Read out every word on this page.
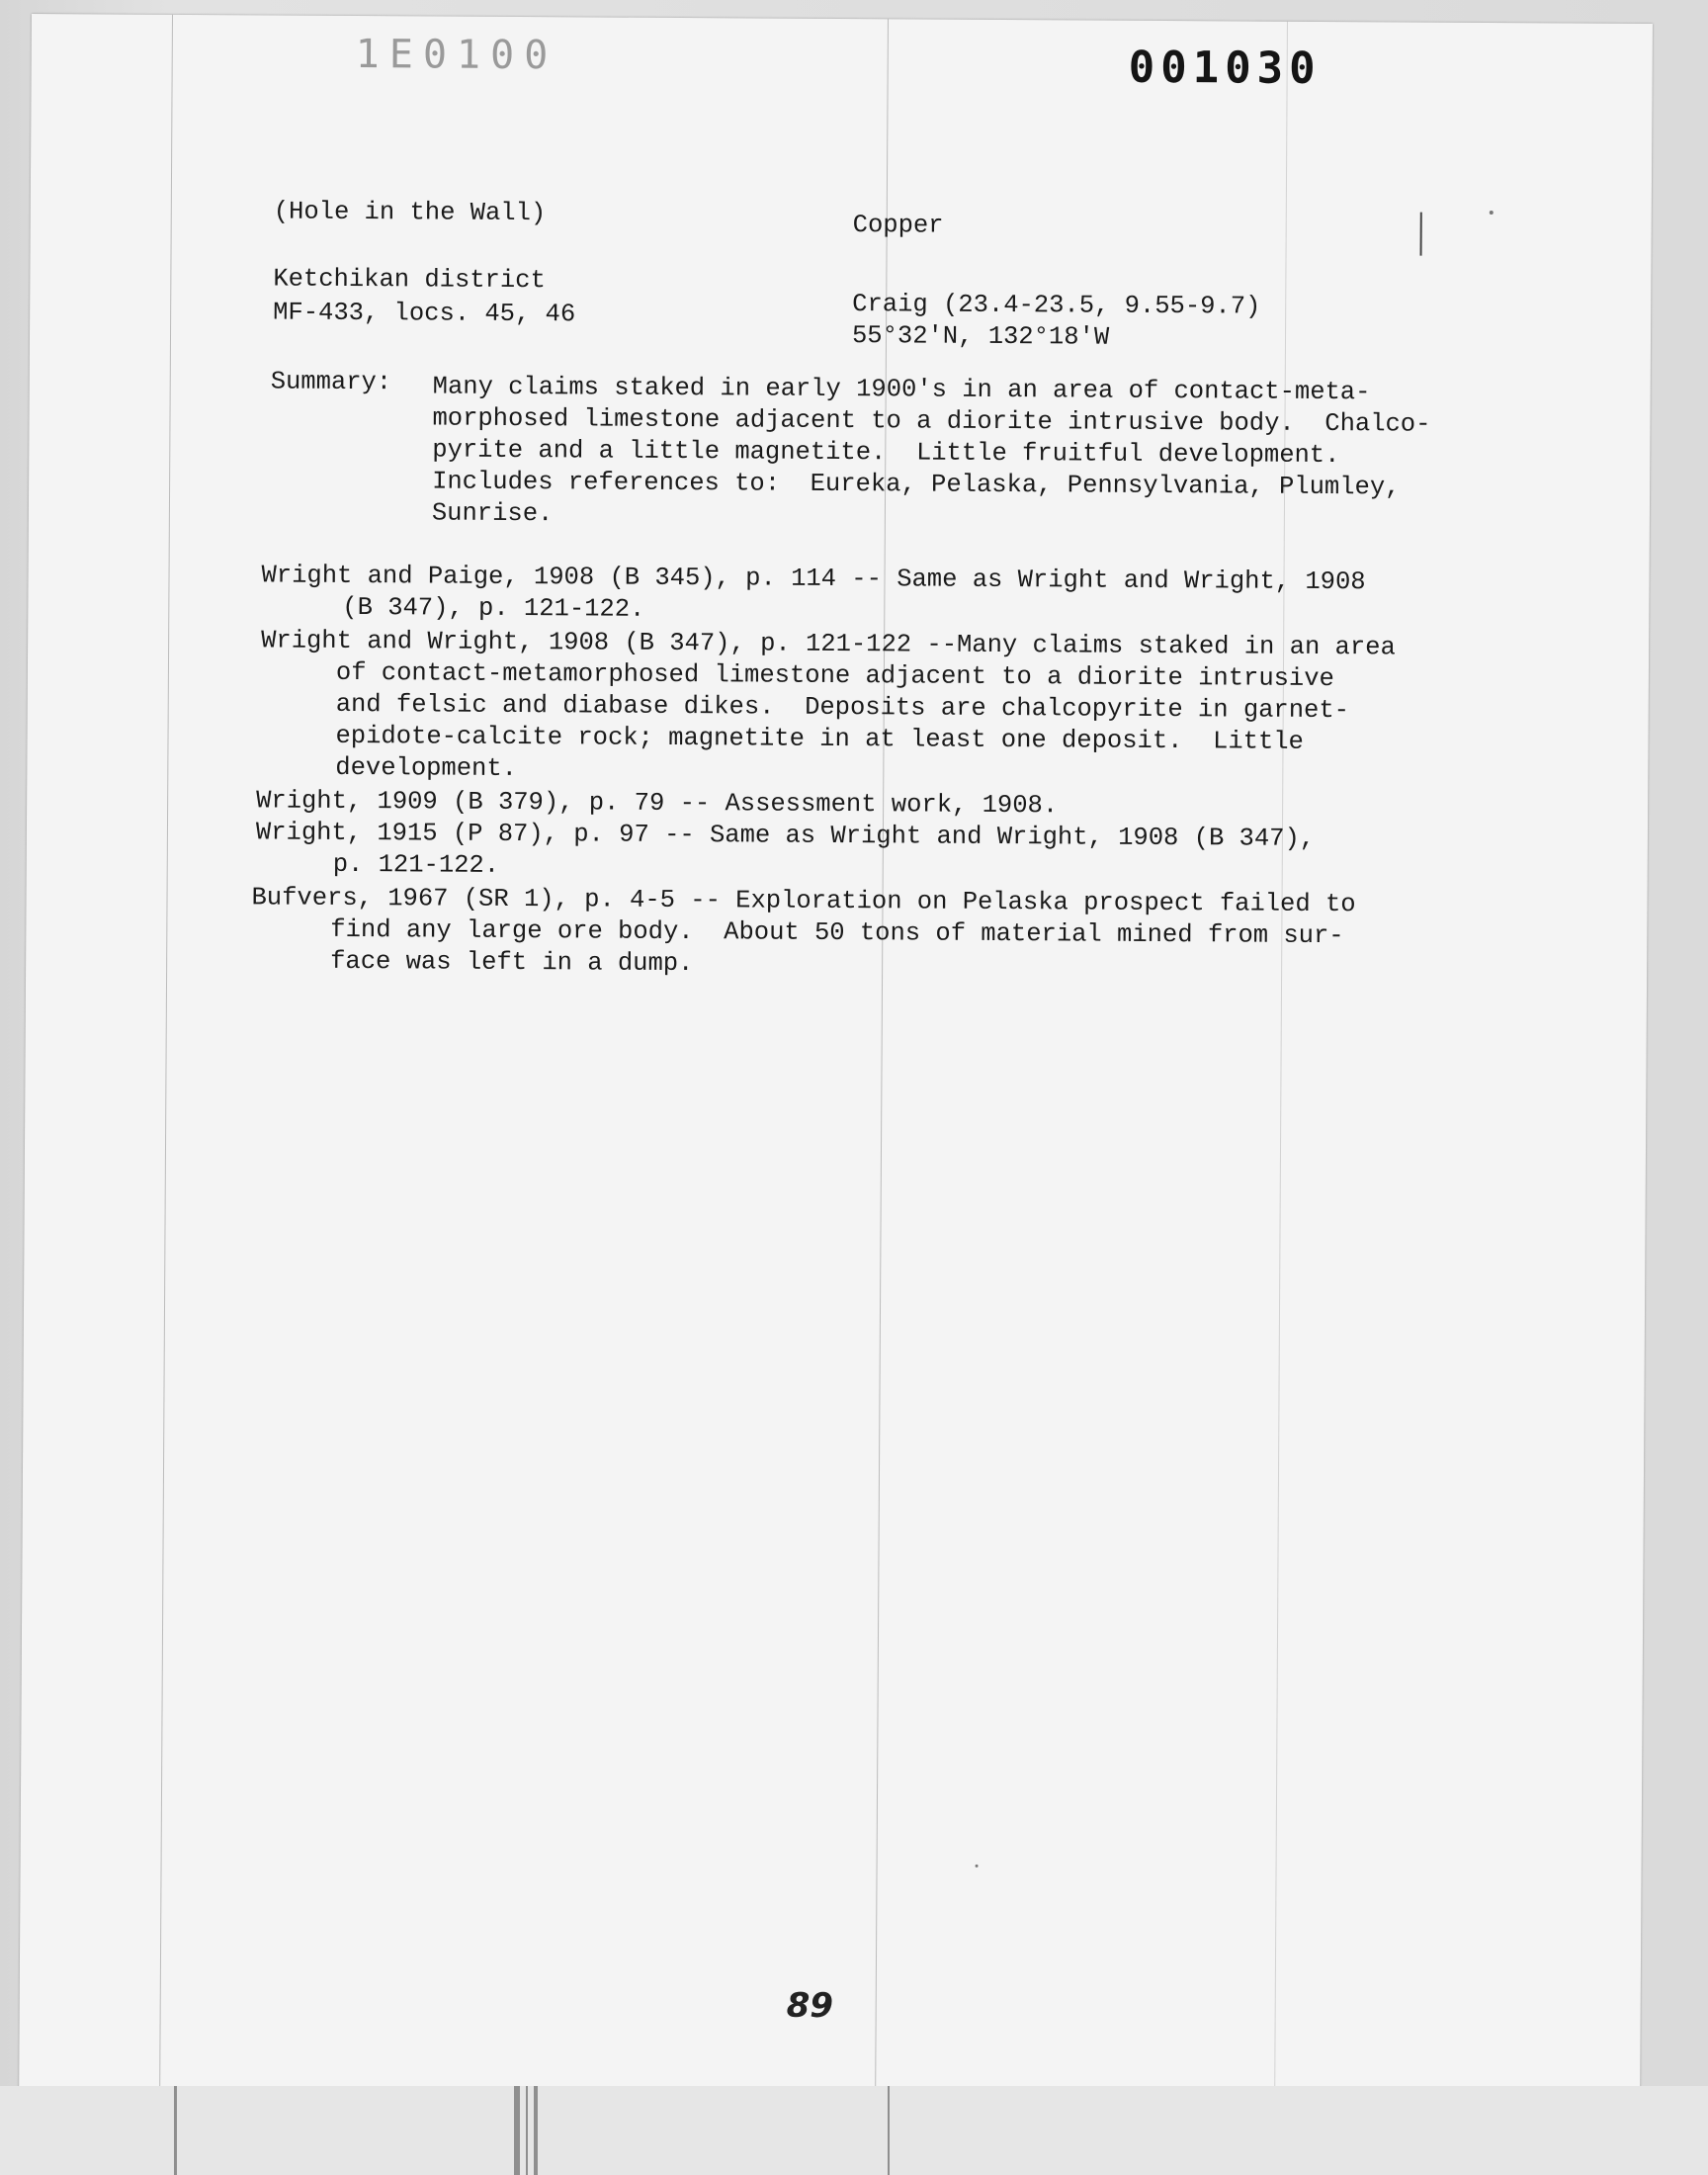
1E0100	001030
(Hole in the Wall)	Copper
Ketchikan district
MF-433, locs. 45, 46	Craig (23.4-23.5, 9.55-9.7)
55°32'N, 132°18'W
Summary: Many claims staked in early 1900's in an area of contact-meta-
morphosed limestone adjacent to a diorite intrusive body.  Chalco-
pyrite and a little magnetite.  Little fruitful development.
Includes references to:  Eureka, Pelaska, Pennsylvania, Plumley,
Sunrise.
Wright and Paige, 1908 (B 345), p. 114 -- Same as Wright and Wright, 1908
(B 347), p. 121-122.
Wright and Wright, 1908 (B 347), p. 121-122 --Many claims staked in an area
of contact-metamorphosed limestone adjacent to a diorite intrusive
and felsic and diabase dikes.  Deposits are chalcopyrite in garnet-
epidote-calcite rock; magnetite in at least one deposit.  Little
development.
Wright, 1909 (B 379), p. 79 -- Assessment work, 1908.
Wright, 1915 (P 87), p. 97 -- Same as Wright and Wright, 1908 (B 347),
p. 121-122.
Bufvers, 1967 (SR 1), p. 4-5 -- Exploration on Pelaska prospect failed to
find any large ore body.  About 50 tons of material mined from sur-
face was left in a dump.
89
